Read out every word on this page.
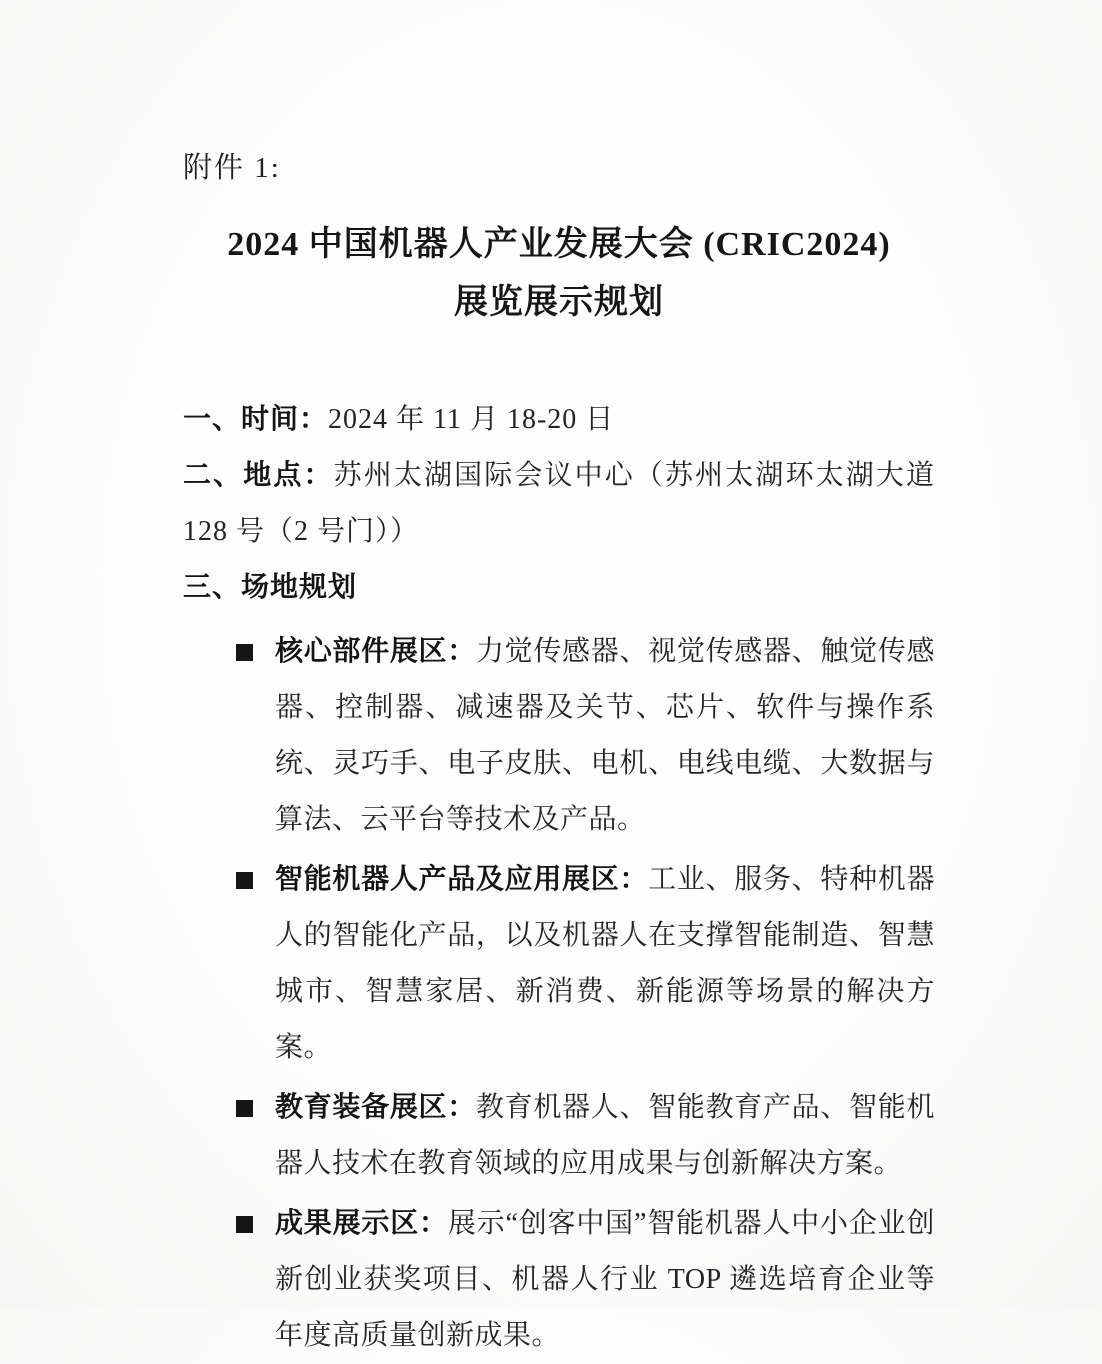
附件 1:
2024 中国机器人产业发展大会 (CRIC2024)
展览展示规划
一、时间：2024 年 11 月 18-20 日
二、地点：苏州太湖国际会议中心（苏州太湖环太湖大道 128 号（2 号门））
三、场地规划
核心部件展区：力觉传感器、视觉传感器、触觉传感器、控制器、减速器及关节、芯片、软件与操作系统、灵巧手、电子皮肤、电机、电线电缆、大数据与算法、云平台等技术及产品。
智能机器人产品及应用展区：工业、服务、特种机器人的智能化产品，以及机器人在支撑智能制造、智慧城市、智慧家居、新消费、新能源等场景的解决方案。
教育装备展区：教育机器人、智能教育产品、智能机器人技术在教育领域的应用成果与创新解决方案。
成果展示区：展示“创客中国”智能机器人中小企业创新创业获奖项目、机器人行业 TOP 遴选培育企业等年度高质量创新成果。
